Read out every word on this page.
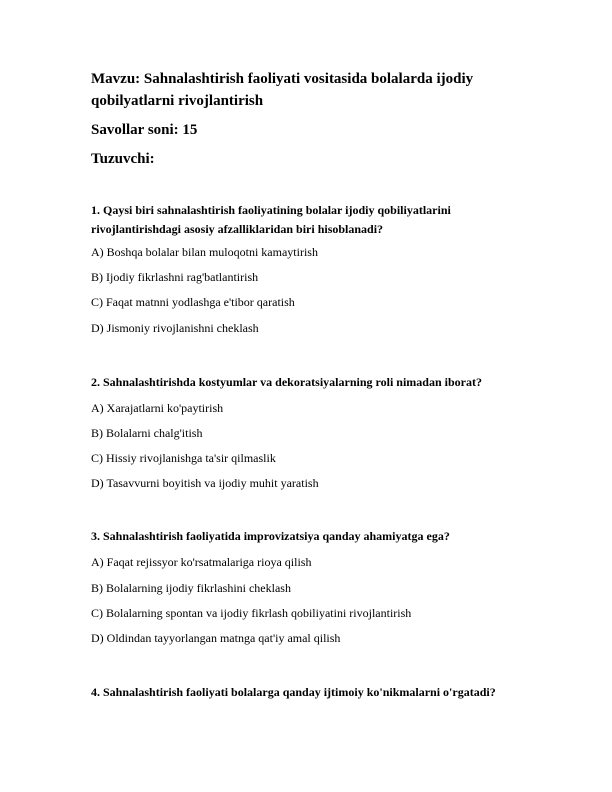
Mavzu: Sahnalashtirish faoliyati vositasida bolalarda ijodiy qobilyatlarni rivojlantirish

Savollar soni: 15

Tuzuvchi:

1. Qaysi biri sahnalashtirish faoliyatining bolalar ijodiy qobiliyatlarini rivojlantirishdagi asosiy afzalliklaridan biri hisoblanadi?

A) Boshqa bolalar bilan muloqotni kamaytirish

B) Ijodiy fikrlashni rag'batlantirish

C) Faqat matnni yodlashga e'tibor qaratish

D) Jismoniy rivojlanishni cheklash

2. Sahnalashtirishda kostyumlar va dekoratsiyalarning roli nimadan iborat?

A) Xarajatlarni ko'paytirish

B) Bolalarni chalg'itish

C) Hissiy rivojlanishga ta'sir qilmaslik

D) Tasavvurni boyitish va ijodiy muhit yaratish

3. Sahnalashtirish faoliyatida improvizatsiya qanday ahamiyatga ega?

A) Faqat rejissyor ko'rsatmalariga rioya qilish

B) Bolalarning ijodiy fikrlashini cheklash

C) Bolalarning spontan va ijodiy fikrlash qobiliyatini rivojlantirish

D) Oldindan tayyorlangan matnga qat'iy amal qilish

4. Sahnalashtirish faoliyati bolalarga qanday ijtimoiy ko'nikmalarni o'rgatadi?
